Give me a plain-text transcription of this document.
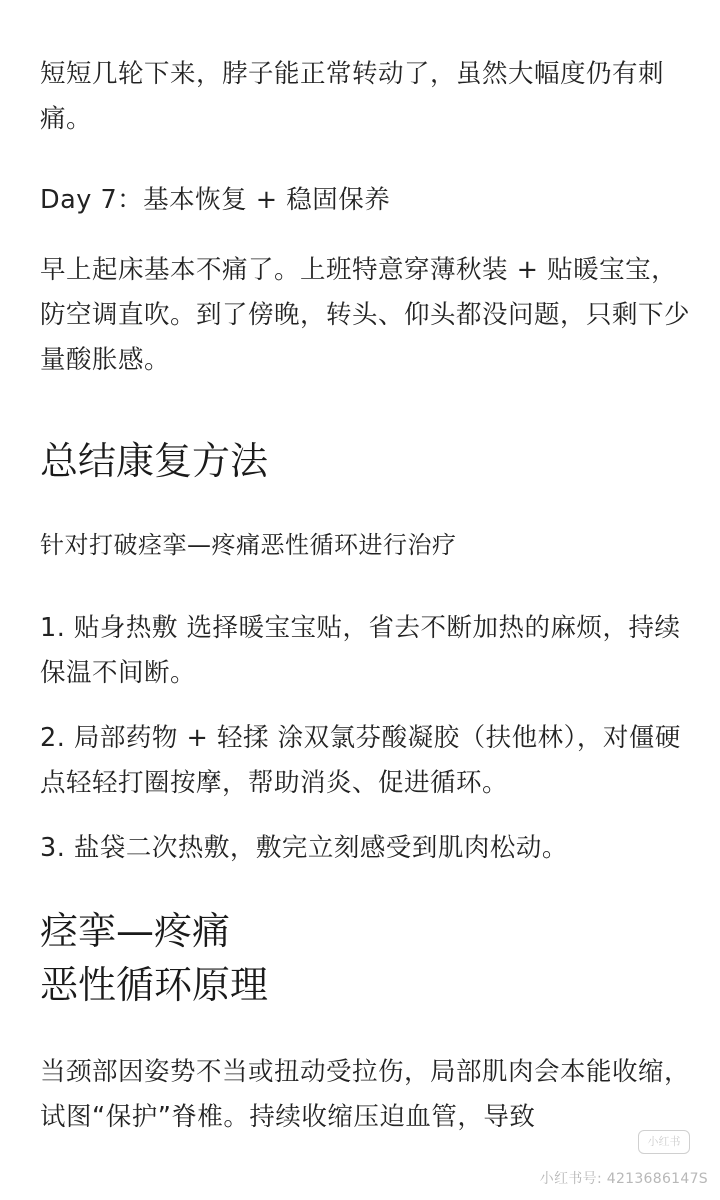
短短几轮下来，脖子能正常转动了，虽然大幅度仍有刺痛。

Day 7：基本恢复 + 稳固保养

早上起床基本不痛了。上班特意穿薄秋装 + 贴暖宝宝，防空调直吹。到了傍晚，转头、仰头都没问题，只剩下少量酸胀感。

总结康复方法

针对打破痉挛—疼痛恶性循环进行治疗

1. 贴身热敷 选择暖宝宝贴，省去不断加热的麻烦，持续保温不间断。

2. 局部药物 + 轻揉 涂双氯芬酸凝胶（扶他林），对僵硬点轻轻打圈按摩，帮助消炎、促进循环。

3. 盐袋二次热敷，敷完立刻感受到肌肉松动。

痉挛—疼痛
恶性循环原理

当颈部因姿势不当或扭动受拉伤，局部肌肉会本能收缩，试图“保护”脊椎。持续收缩压迫血管，导致

小红书
小红书号: 4213686147S
